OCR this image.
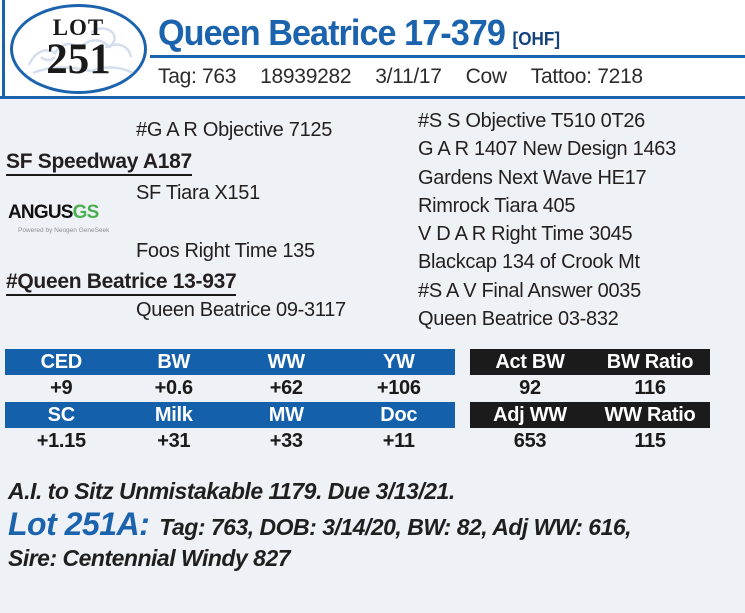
LOT
251
Queen Beatrice 17-379 [OHF]
Tag: 763 18939282 3/11/17 Cow Tattoo: 7218
#G A R Objective 7125
SF Speedway A187
SF Tiara X151
Foos Right Time 135
#Queen Beatrice 13-937
Queen Beatrice 09-3117
ANGUSGS
Powered by Neogen GeneSeek
#S S Objective T510 0T26
G A R 1407 New Design 1463
Gardens Next Wave HE17
Rimrock Tiara 405
V D A R Right Time 3045
Blackcap 134 of Crook Mt
#S A V Final Answer 0035
Queen Beatrice 03-832
CED	BW	WW	YW
+9	+0.6	+62	+106
SC	Milk	MW	Doc
+1.15	+31	+33	+11
Act BW	BW Ratio
92	116
Adj WW	WW Ratio
653	115
A.I. to Sitz Unmistakable 1179. Due 3/13/21.
Lot 251A: Tag: 763, DOB: 3/14/20, BW: 82, Adj WW: 616,
Sire: Centennial Windy 827
